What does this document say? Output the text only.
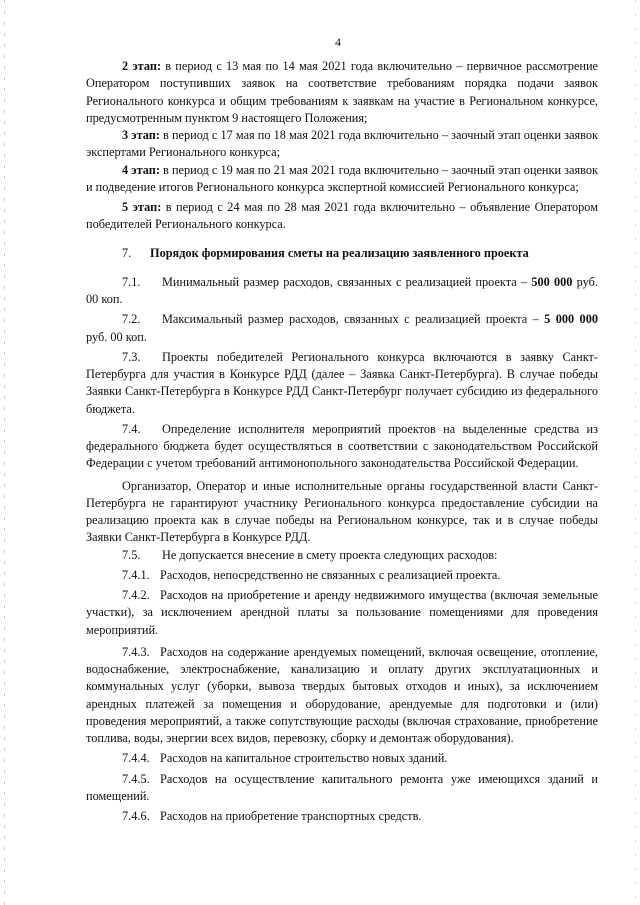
4

2 этап: в период с 13 мая по 14 мая 2021 года включительно – первичное рассмотрение Оператором поступивших заявок на соответствие требованиям порядка подачи заявок Регионального конкурса и общим требованиям к заявкам на участие в Региональном конкурсе, предусмотренным пунктом 9 настоящего Положения;

3 этап: в период с 17 мая по 18 мая 2021 года включительно – заочный этап оценки заявок экспертами Регионального конкурса;

4 этап: в период с 19 мая по 21 мая 2021 года включительно – заочный этап оценки заявок и подведение итогов Регионального конкурса экспертной комиссией Регионального конкурса;

5 этап: в период с 24 мая по 28 мая 2021 года включительно – объявление Оператором победителей Регионального конкурса.

7. Порядок формирования сметы на реализацию заявленного проекта

7.1. Минимальный размер расходов, связанных с реализацией проекта – 500 000 руб. 00 коп.

7.2. Максимальный размер расходов, связанных с реализацией проекта – 5 000 000 руб. 00 коп.

7.3. Проекты победителей Регионального конкурса включаются в заявку Санкт-Петербурга для участия в Конкурсе РДД (далее – Заявка Санкт-Петербурга). В случае победы Заявки Санкт-Петербурга в Конкурсе РДД Санкт-Петербург получает субсидию из федерального бюджета.

7.4. Определение исполнителя мероприятий проектов на выделенные средства из федерального бюджета будет осуществляться в соответствии с законодательством Российской Федерации с учетом требований антимонопольного законодательства Российской Федерации.

Организатор, Оператор и иные исполнительные органы государственной власти Санкт-Петербурга не гарантируют участнику Регионального конкурса предоставление субсидии на реализацию проекта как в случае победы на Региональном конкурсе, так и в случае победы Заявки Санкт-Петербурга в Конкурсе РДД.

7.5. Не допускается внесение в смету проекта следующих расходов:

7.4.1. Расходов, непосредственно не связанных с реализацией проекта.

7.4.2. Расходов на приобретение и аренду недвижимого имущества (включая земельные участки), за исключением арендной платы за пользование помещениями для проведения мероприятий.

7.4.3. Расходов на содержание арендуемых помещений, включая освещение, отопление, водоснабжение, электроснабжение, канализацию и оплату других эксплуатационных и коммунальных услуг (уборки, вывоза твердых бытовых отходов и иных), за исключением арендных платежей за помещения и оборудование, арендуемые для подготовки и (или) проведения мероприятий, а также сопутствующие расходы (включая страхование, приобретение топлива, воды, энергии всех видов, перевозку, сборку и демонтаж оборудования).

7.4.4. Расходов на капитальное строительство новых зданий.

7.4.5. Расходов на осуществление капитального ремонта уже имеющихся зданий и помещений.

7.4.6. Расходов на приобретение транспортных средств.
